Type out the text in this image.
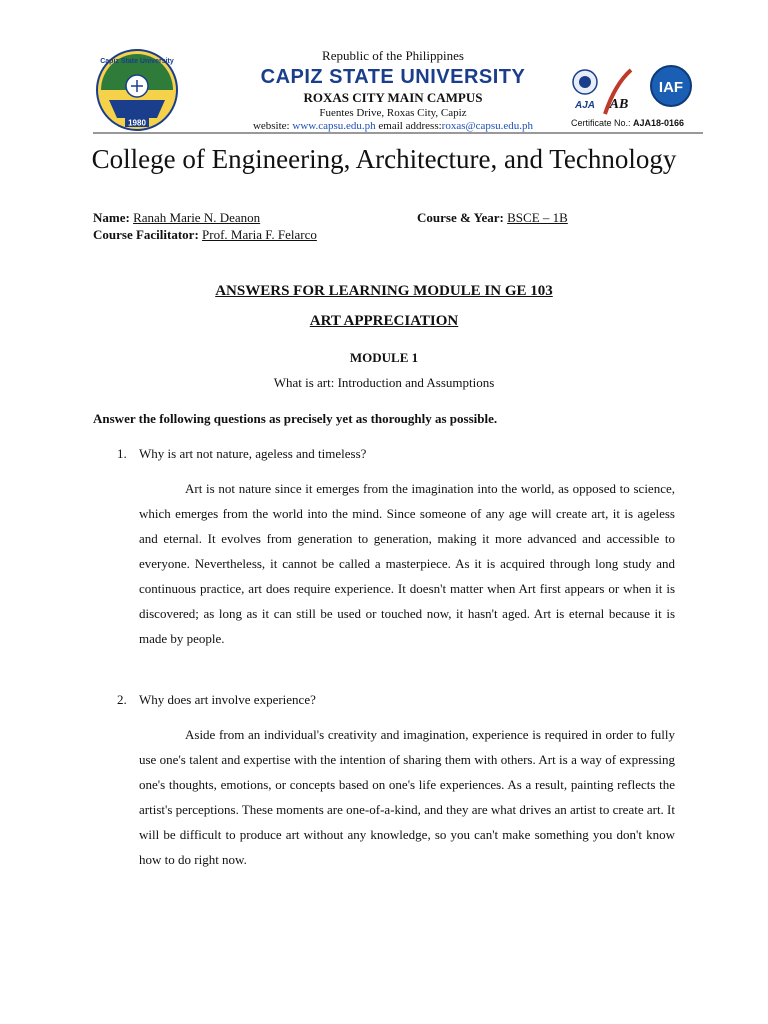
Capiz State University
1980
Republic of the Philippines
CAPIZ STATE UNIVERSITY
ROXAS CITY MAIN CAMPUS
Fuentes Drive, Roxas City, Capiz
website: www.capsu.edu.ph email address:roxas@capsu.edu.ph
AJA AB
IAF
Certificate No.: AJA18-0166
College of Engineering, Architecture, and Technology
Name: Ranah Marie N. Deanon	Course & Year: BSCE – 1B
Course Facilitator: Prof. Maria F. Felarco
ANSWERS FOR LEARNING MODULE IN GE 103
ART APPRECIATION
MODULE 1
What is art: Introduction and Assumptions
Answer the following questions as precisely yet as thoroughly as possible.
1. Why is art not nature, ageless and timeless?
Art is not nature since it emerges from the imagination into the world, as opposed to science, which emerges from the world into the mind. Since someone of any age will create art, it is ageless and eternal. It evolves from generation to generation, making it more advanced and accessible to everyone. Nevertheless, it cannot be called a masterpiece. As it is acquired through long study and continuous practice, art does require experience. It doesn't matter when Art first appears or when it is discovered; as long as it can still be used or touched now, it hasn't aged. Art is eternal because it is made by people.
2. Why does art involve experience?
Aside from an individual's creativity and imagination, experience is required in order to fully use one's talent and expertise with the intention of sharing them with others. Art is a way of expressing one's thoughts, emotions, or concepts based on one's life experiences. As a result, painting reflects the artist's perceptions. These moments are one-of-a-kind, and they are what drives an artist to create art. It will be difficult to produce art without any knowledge, so you can't make something you don't know how to do right now.
